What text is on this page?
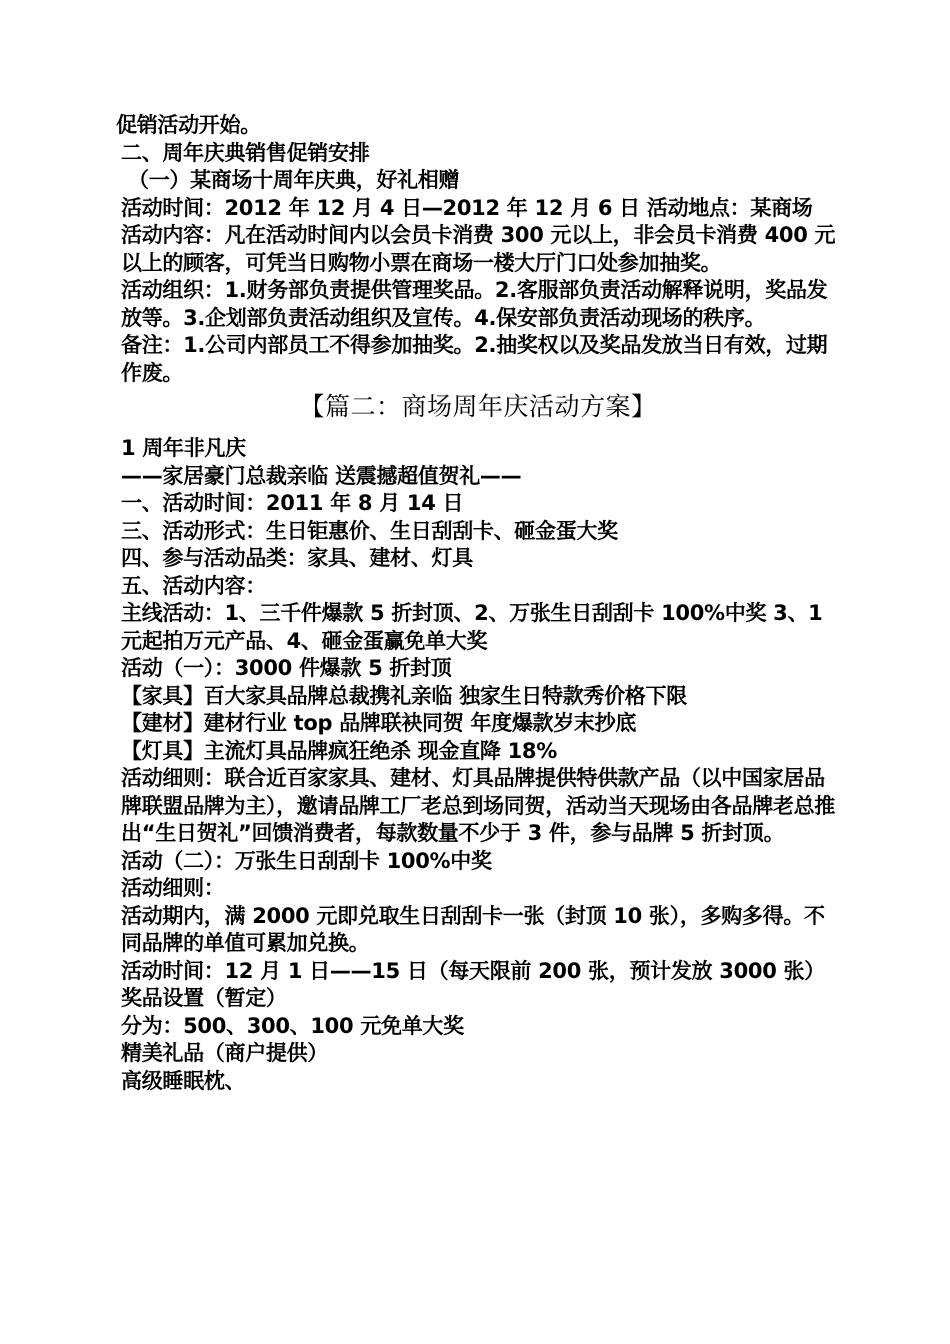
促销活动开始。
二、周年庆典销售促销安排
（一）某商场十周年庆典，好礼相赠
活动时间：2012 年 12 月 4 日—2012 年 12 月 6 日 活动地点：某商场
活动内容：凡在活动时间内以会员卡消费 300 元以上，非会员卡消费 400 元以上的顾客，可凭当日购物小票在商场一楼大厅门口处参加抽奖。
活动组织：1.财务部负责提供管理奖品。2.客服部负责活动解释说明，奖品发放等。3.企划部负责活动组织及宣传。4.保安部负责活动现场的秩序。
备注：1.公司内部员工不得参加抽奖。2.抽奖权以及奖品发放当日有效，过期作废。
【篇二：商场周年庆活动方案】
1 周年非凡庆
——家居豪门总裁亲临 送震撼超值贺礼——
一、活动时间：2011 年 8 月 14 日
三、活动形式：生日钜惠价、生日刮刮卡、砸金蛋大奖
四、参与活动品类：家具、建材、灯具
五、活动内容：
主线活动：1、三千件爆款 5 折封顶、2、万张生日刮刮卡 100%中奖 3、1 元起拍万元产品、4、砸金蛋赢免单大奖
活动（一）：3000 件爆款 5 折封顶
【家具】百大家具品牌总裁携礼亲临 独家生日特款秀价格下限
【建材】建材行业 top 品牌联袂同贺 年度爆款岁末抄底
【灯具】主流灯具品牌疯狂绝杀 现金直降 18%
活动细则：联合近百家家具、建材、灯具品牌提供特供款产品（以中国家居品牌联盟品牌为主），邀请品牌工厂老总到场同贺，活动当天现场由各品牌老总推出“生日贺礼”回馈消费者，每款数量不少于 3 件，参与品牌 5 折封顶。
活动（二）：万张生日刮刮卡 100%中奖
活动细则：
活动期内，满 2000 元即兑取生日刮刮卡一张（封顶 10 张），多购多得。不同品牌的单值可累加兑换。
活动时间：12 月 1 日——15 日（每天限前 200 张，预计发放 3000 张） 奖品设置（暂定）
分为：500、300、100 元免单大奖
精美礼品（商户提供）
高级睡眠枕、
